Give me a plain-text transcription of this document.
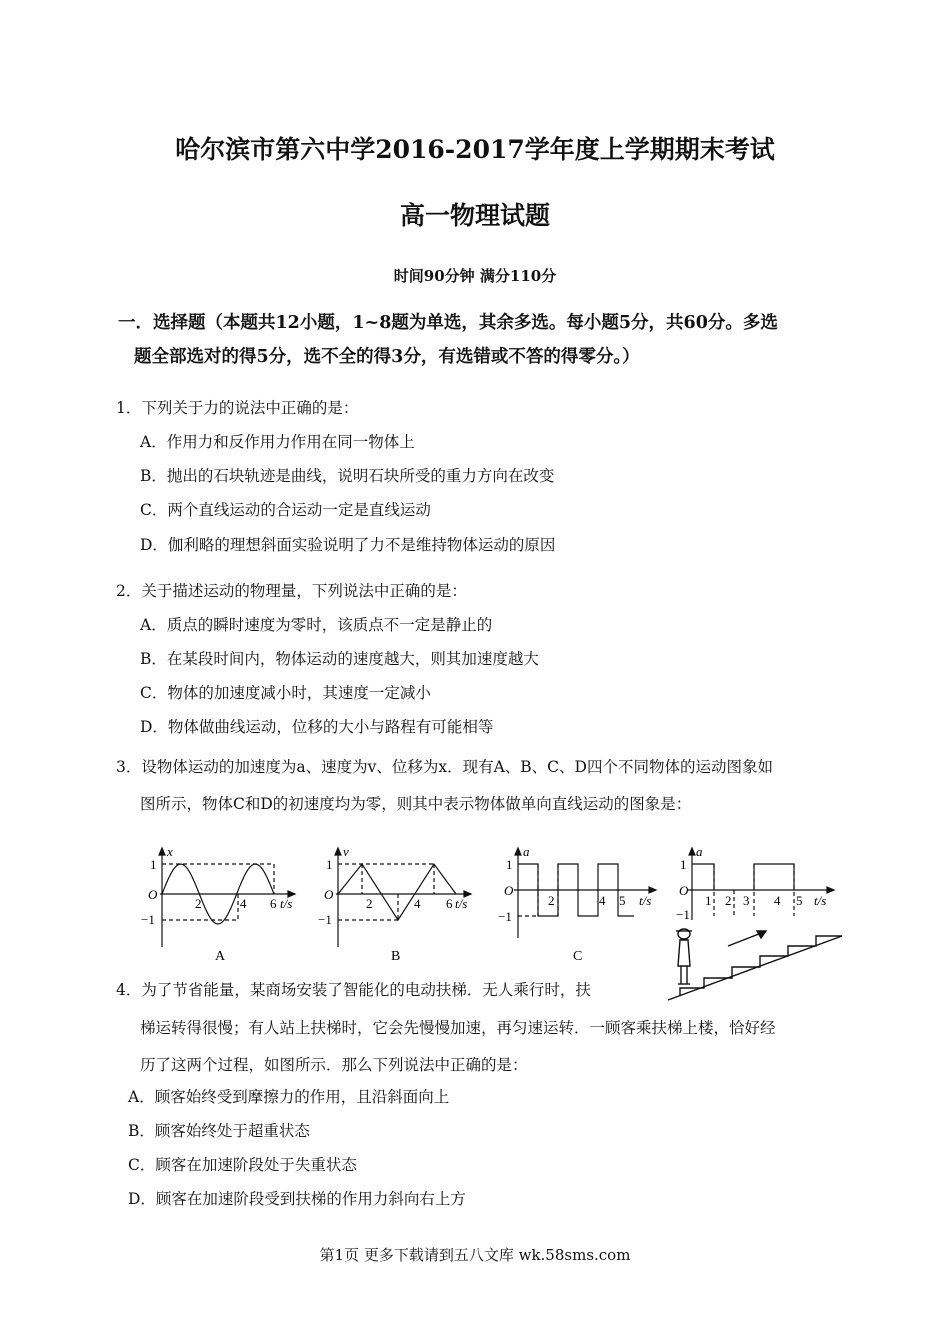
哈尔滨市第六中学2016-2017学年度上学期期末考试
高一物理试题
时间90分钟 满分110分
一．选择题（本题共12小题，1~8题为单选，其余多选。每小题5分，共60分。多选
题全部选对的得5分，选不全的得3分，有选错或不答的得零分。）
1．下列关于力的说法中正确的是：
A．作用力和反作用力作用在同一物体上
B．抛出的石块轨迹是曲线，说明石块所受的重力方向在改变
C．两个直线运动的合运动一定是直线运动
D．伽利略的理想斜面实验说明了力不是维持物体运动的原因
2．关于描述运动的物理量，下列说法中正确的是：
A．质点的瞬时速度为零时，该质点不一定是静止的
B．在某段时间内，物体运动的速度越大，则其加速度越大
C．物体的加速度减小时，其速度一定减小
D．物体做曲线运动，位移的大小与路程有可能相等
3．设物体运动的加速度为a、速度为v、位移为x．现有A、B、C、D四个不同物体的运动图象如
图所示，物体C和D的初速度均为零，则其中表示物体做单向直线运动的图象是：
x
1
−1
O
2	4 6 t/s
A
v
1
−1
O
2	4 6 t/s
B
a
1
−1
O
2	4 5 t/s
C
a
1
O
1 2 3 4 5 t/s
−1
4．为了节省能量，某商场安装了智能化的电动扶梯．无人乘行时，扶
梯运转得很慢；有人站上扶梯时，它会先慢慢加速，再匀速运转．一顾客乘扶梯上楼，恰好经
历了这两个过程，如图所示．那么下列说法中正确的是：
A．顾客始终受到摩擦力的作用，且沿斜面向上
B．顾客始终处于超重状态
C．顾客在加速阶段处于失重状态
D．顾客在加速阶段受到扶梯的作用力斜向右上方
第1页 更多下载请到五八文库 wk.58sms.com
